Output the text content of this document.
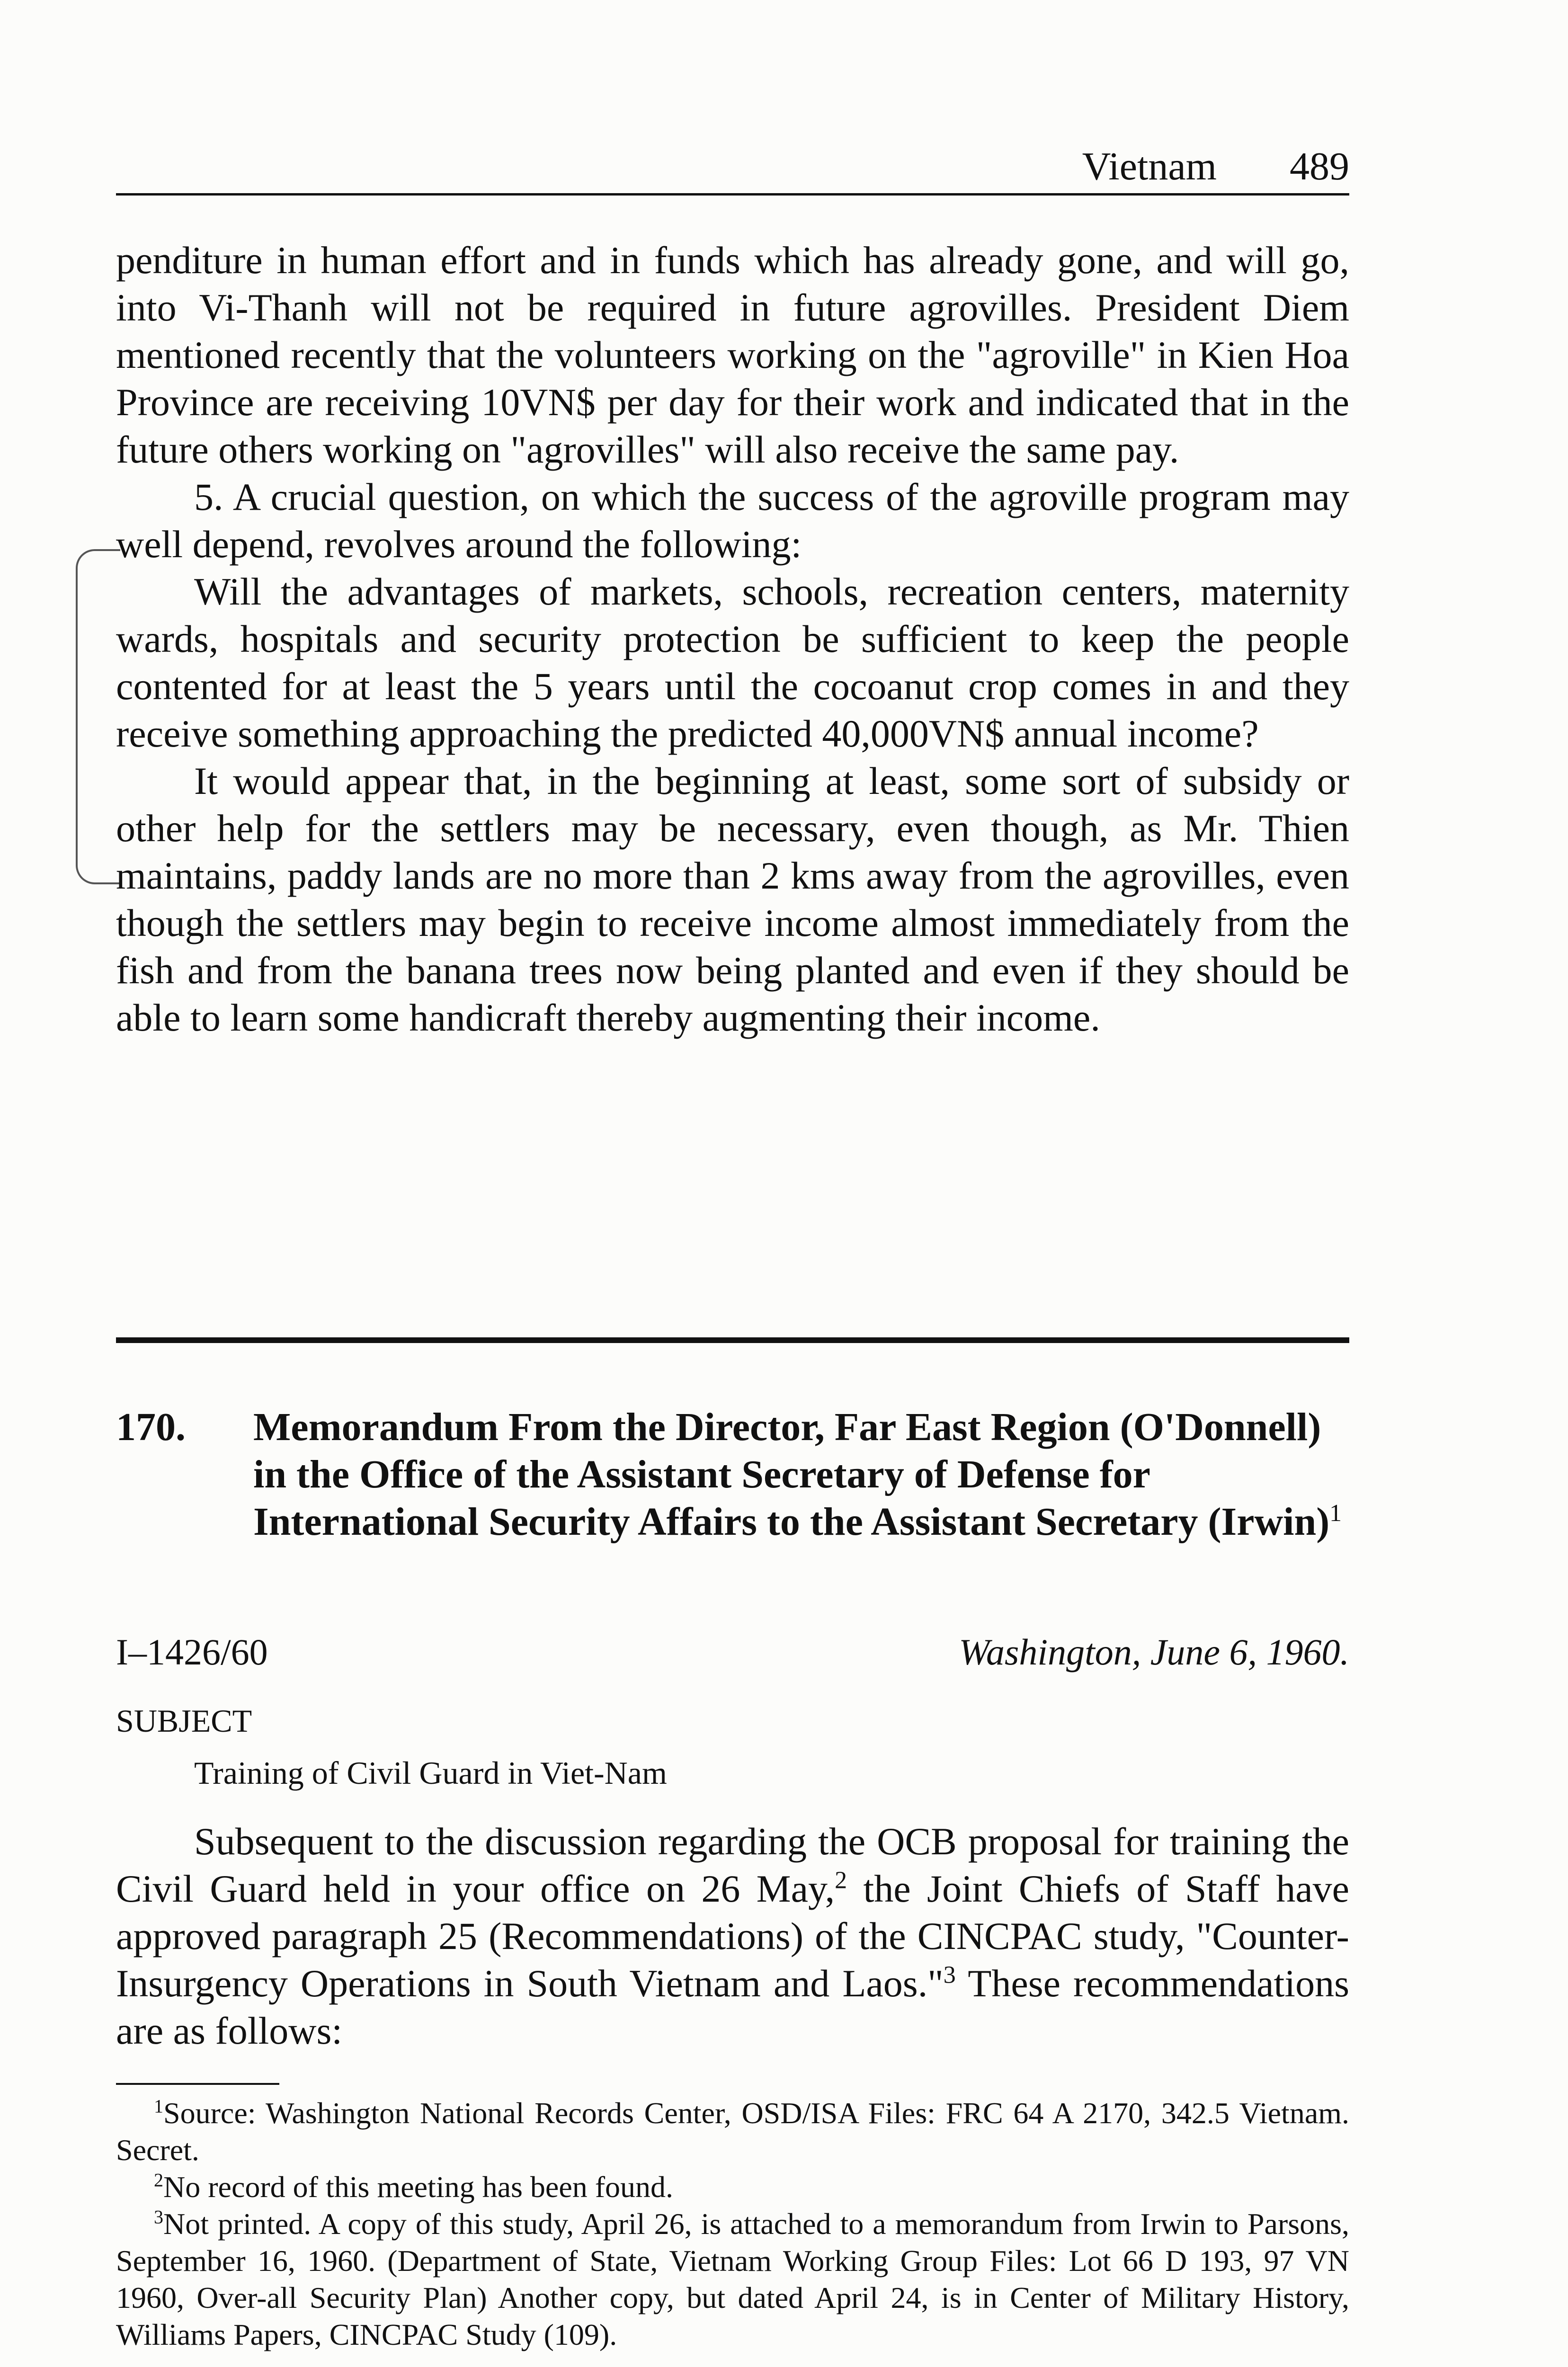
Vietnam 489

penditure in human effort and in funds which has already gone, and will go, into Vi-Thanh will not be required in future agrovilles. President Diem mentioned recently that the volunteers working on the "agroville" in Kien Hoa Province are receiving 10VN$ per day for their work and indicated that in the future others working on "agrovilles" will also receive the same pay.

5. A crucial question, on which the success of the agroville program may well depend, revolves around the following:

Will the advantages of markets, schools, recreation centers, maternity wards, hospitals and security protection be sufficient to keep the people contented for at least the 5 years until the cocoanut crop comes in and they receive something approaching the predicted 40,000VN$ annual income?

It would appear that, in the beginning at least, some sort of subsidy or other help for the settlers may be necessary, even though, as Mr. Thien maintains, paddy lands are no more than 2 kms away from the agrovilles, even though the settlers may begin to receive income almost immediately from the fish and from the banana trees now being planted and even if they should be able to learn some handicraft thereby augmenting their income.

170. Memorandum From the Director, Far East Region (O'Donnell) in the Office of the Assistant Secretary of Defense for International Security Affairs to the Assistant Secretary (Irwin)$^1$
I–1426/60	Washington, June 6, 1960.
SUBJECT
Training of Civil Guard in Viet-Nam

Subsequent to the discussion regarding the OCB proposal for training the Civil Guard held in your office on 26 May,$^2$ the Joint Chiefs of Staff have approved paragraph 25 (Recommendations) of the CINCPAC study, "Counter-Insurgency Operations in South Vietnam and Laos."$^3$ These recommendations are as follows:

$^1$Source: Washington National Records Center, OSD/ISA Files: FRC 64 A 2170, 342.5 Vietnam. Secret.

$^2$No record of this meeting has been found.

$^3$Not printed. A copy of this study, April 26, is attached to a memorandum from Irwin to Parsons, September 16, 1960. (Department of State, Vietnam Working Group Files: Lot 66 D 193, 97 VN 1960, Over-all Security Plan) Another copy, but dated April 24, is in Center of Military History, Williams Papers, CINCPAC Study (109).
